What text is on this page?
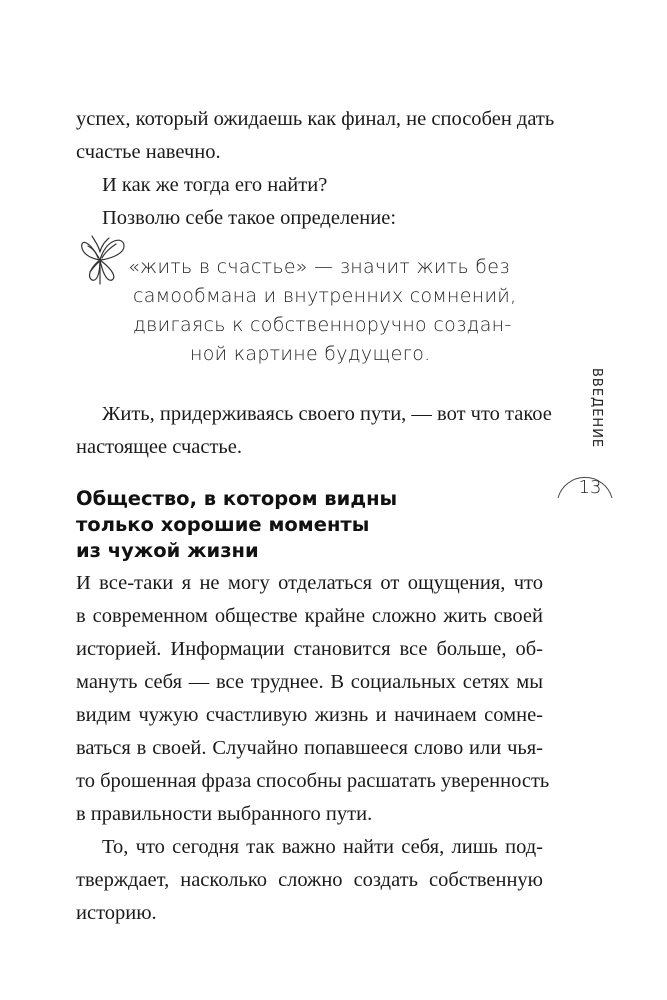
успех, который ожидаешь как финал, не способен дать
счастье навечно.
И как же тогда его найти?
Позволю себе такое определение:
«жить в счастье» — значит жить без
самообмана и внутренних сомнений,
двигаясь к собственноручно создан-
ной картине будущего.
Жить, придерживаясь своего пути, — вот что такое
настоящее счастье.
Общество, в котором видны
только хорошие моменты
из чужой жизни
И все-таки я не могу отделаться от ощущения, что
в современном обществе крайне сложно жить своей
историей. Информации становится все больше, об-
мануть себя — все труднее. В социальных сетях мы
видим чужую счастливую жизнь и начинаем сомне-
ваться в своей. Случайно попавшееся слово или чья-
то брошенная фраза способны расшатать уверенность
в правильности выбранного пути.
То, что сегодня так важно найти себя, лишь под-
тверждает, насколько сложно создать собственную
историю.
ВВЕДЕНИЕ
13
